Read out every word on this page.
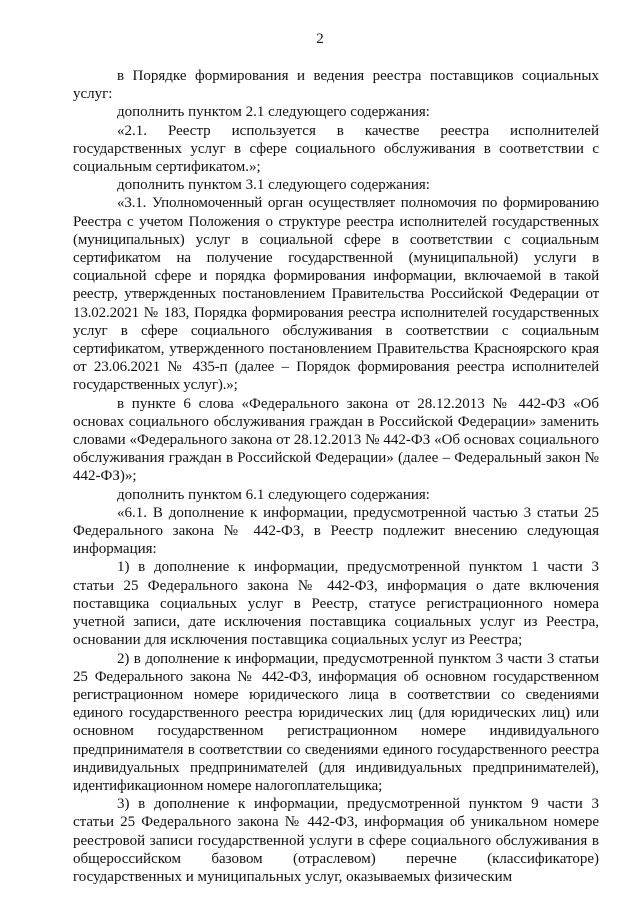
2

в Порядке формирования и ведения реестра поставщиков социальных услуг:

дополнить пунктом 2.1 следующего содержания:

«2.1. Реестр используется в качестве реестра исполнителей государственных услуг в сфере социального обслуживания в соответствии с социальным сертификатом.»;

дополнить пунктом 3.1 следующего содержания:

«3.1. Уполномоченный орган осуществляет полномочия по формированию Реестра с учетом Положения о структуре реестра исполнителей государственных (муниципальных) услуг в социальной сфере в соответствии с социальным сертификатом на получение государственной (муниципальной) услуги в социальной сфере и порядка формирования информации, включаемой в такой реестр, утвержденных постановлением Правительства Российской Федерации от 13.02.2021 № 183, Порядка формирования реестра исполнителей государственных услуг в сфере социального обслуживания в соответствии с социальным сертификатом, утвержденного постановлением Правительства Красноярского края от 23.06.2021 № 435-п (далее – Порядок формирования реестра исполнителей государственных услуг).»;

в пункте 6 слова «Федерального закона от 28.12.2013 № 442-ФЗ «Об основах социального обслуживания граждан в Российской Федерации» заменить словами «Федерального закона от 28.12.2013 № 442-ФЗ «Об основах социального обслуживания граждан в Российской Федерации» (далее – Федеральный закон № 442-ФЗ)»;

дополнить пунктом 6.1 следующего содержания:

«6.1. В дополнение к информации, предусмотренной частью 3 статьи 25 Федерального закона № 442-ФЗ, в Реестр подлежит внесению следующая информация:

1) в дополнение к информации, предусмотренной пунктом 1 части 3 статьи 25 Федерального закона № 442-ФЗ, информация о дате включения поставщика социальных услуг в Реестр, статусе регистрационного номера учетной записи, дате исключения поставщика социальных услуг из Реестра, основании для исключения поставщика социальных услуг из Реестра;

2) в дополнение к информации, предусмотренной пунктом 3 части 3 статьи 25 Федерального закона № 442-ФЗ, информация об основном государственном регистрационном номере юридического лица в соответствии со сведениями единого государственного реестра юридических лиц (для юридических лиц) или основном государственном регистрационном номере индивидуального предпринимателя в соответствии со сведениями единого государственного реестра индивидуальных предпринимателей (для индивидуальных предпринимателей), идентификационном номере налогоплательщика;

3) в дополнение к информации, предусмотренной пунктом 9 части 3 статьи 25 Федерального закона № 442-ФЗ, информация об уникальном номере реестровой записи государственной услуги в сфере социального обслуживания в общероссийском базовом (отраслевом) перечне (классификаторе) государственных и муниципальных услуг, оказываемых физическим
